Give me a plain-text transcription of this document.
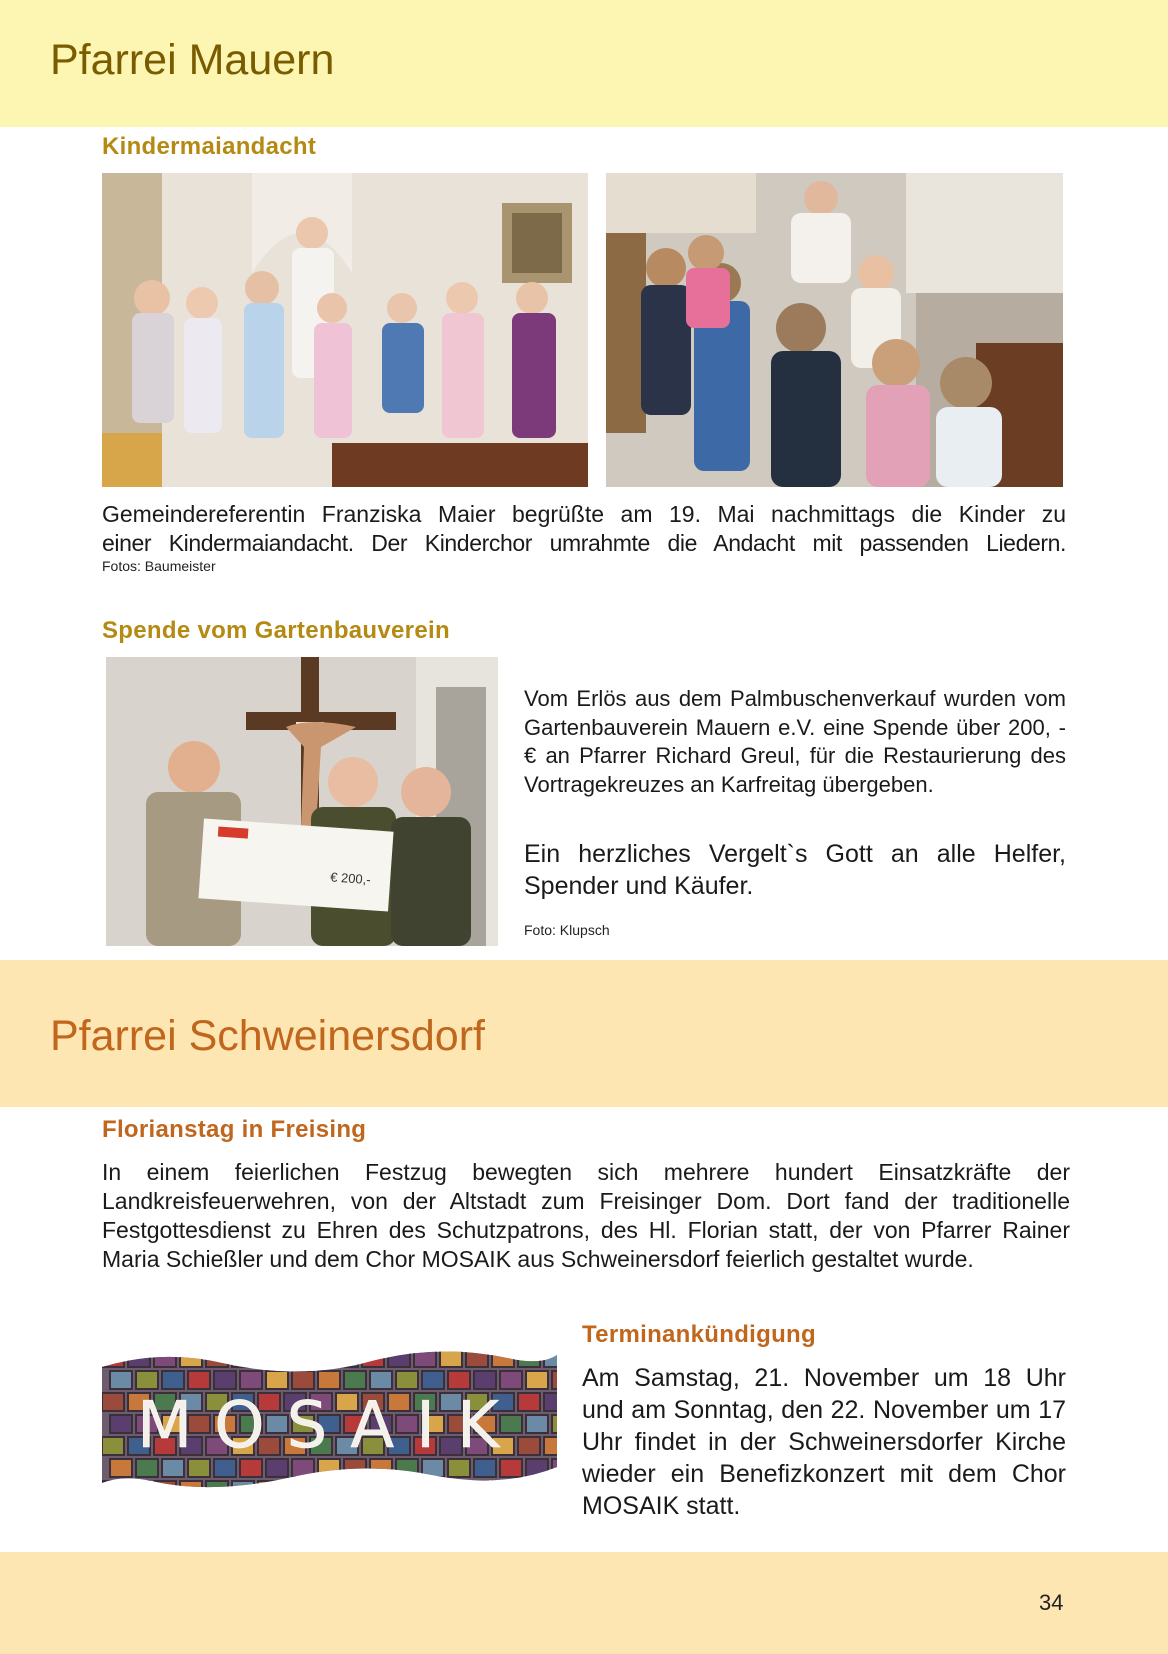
Pfarrei Mauern
Kindermaiandacht
Gemeindereferentin Franziska Maier begrüßte am 19. Mai nachmittags die Kinder zu
einer Kindermaiandacht. Der Kinderchor umrahmte die Andacht mit passenden Liedern.
Fotos: Baumeister
Spende vom Gartenbauverein
€ 200,-
Vom Erlös aus dem Palmbuschenverkauf wurden vom Gartenbauverein Mauern e.V. eine Spende über 200, - € an Pfarrer Richard Greul, für die Restaurierung des Vortragekreuzes an Karfreitag übergeben.
Ein herzliches Vergelt`s Gott an alle Helfer, Spender und Käufer.
Foto: Klupsch
Pfarrei Schweinersdorf
Florianstag in Freising
In einem feierlichen Festzug bewegten sich mehrere hundert Einsatzkräfte der Landkreisfeuerwehren, von der Altstadt zum Freisinger Dom. Dort fand der traditionelle Festgottesdienst zu Ehren des Schutzpatrons, des Hl. Florian statt, der von Pfarrer Rainer Maria Schießler und dem Chor MOSAIK aus Schweinersdorf feierlich gestaltet wurde.
Terminankündigung
Am Samstag, 21. November um 18 Uhr und am Sonntag, den 22. November um 17 Uhr findet in der Schweinersdorfer Kirche wieder ein Benefizkonzert mit dem Chor MOSAIK statt.
MOSAIK
34
